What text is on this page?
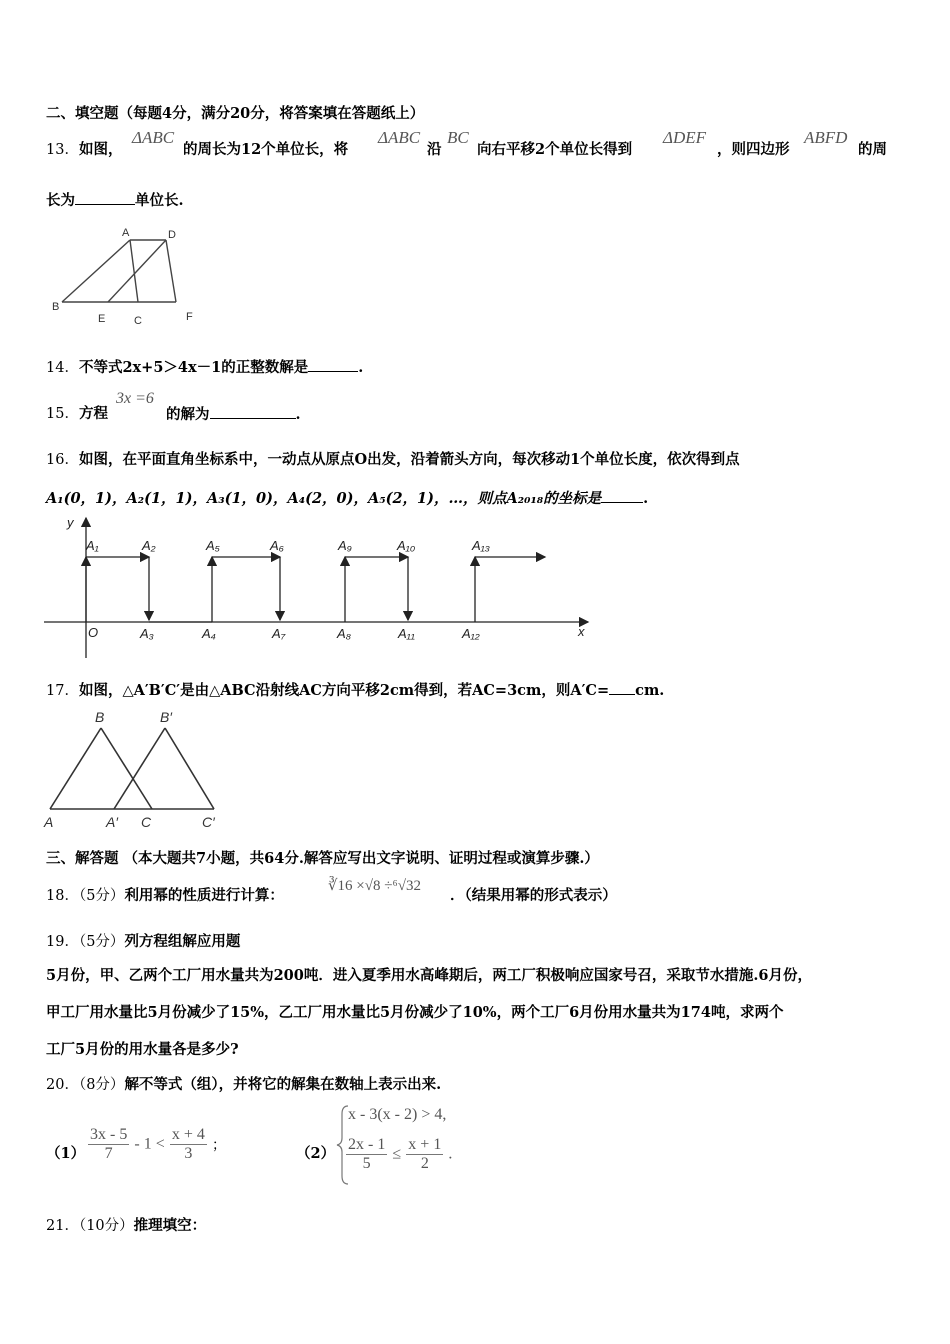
二、填空题（每题4分，满分20分，将答案填在答题纸上）
13．如图，
ΔABC
的周长为12个单位长，将
ΔABC
沿
BC
向右平移2个单位长得到
ΔDEF
，则四边形
ABFD
的周
长为	单位长.
A	D
B
E	C	F
14．不等式2x+5＞4x－1的正整数解是	.
15．方程
3x =6
的解为	.
16．如图，在平面直角坐标系中，一动点从原点O出发，沿着箭头方向，每次移动1个单位长度，依次得到点
A₁(0，1)，A₂(1，1)，A₃(1，0)，A₄(2，0)，A₅(2，1)，…，则点A₂₀₁₈的坐标是	.
y
x
O
A₁	A₂
A₃	A₄
A₅	A₆
A₇	A₈
A₉	A₁₀
A₁₁	A₁₂
A₁₃
17．如图，△A′B′C′是由△ABC沿射线AC方向平移2cm得到，若AC=3cm，则A′C= cm.
B	B′
A	A′ C	C′
三、解答题 （本大题共7小题，共64分.解答应写出文字说明、证明过程或演算步骤.）
18．（5分）利用幂的性质进行计算：
∛16 ×√8 ÷⁶√32
．（结果用幂的形式表示）
19．（5分）列方程组解应用题
5月份，甲、乙两个工厂用水量共为200吨．进入夏季用水高峰期后，两工厂积极响应国家号召，采取节水措施.6月份，
甲工厂用水量比5月份减少了15%，乙工厂用水量比5月份减少了10%，两个工厂6月份用水量共为174吨，求两个
工厂5月份的用水量各是多少?
20．（8分）解不等式（组），并将它的解集在数轴上表示出来.
$(1) \frac{3x - 5}{7} - 1 < \frac{x + 4}{3}$ ；	（2）
x - 3(x - 2) > 4,
$\frac{2x - 1}{5} \le \frac{x + 1}{2}$ .
21．（10分）推理填空：
